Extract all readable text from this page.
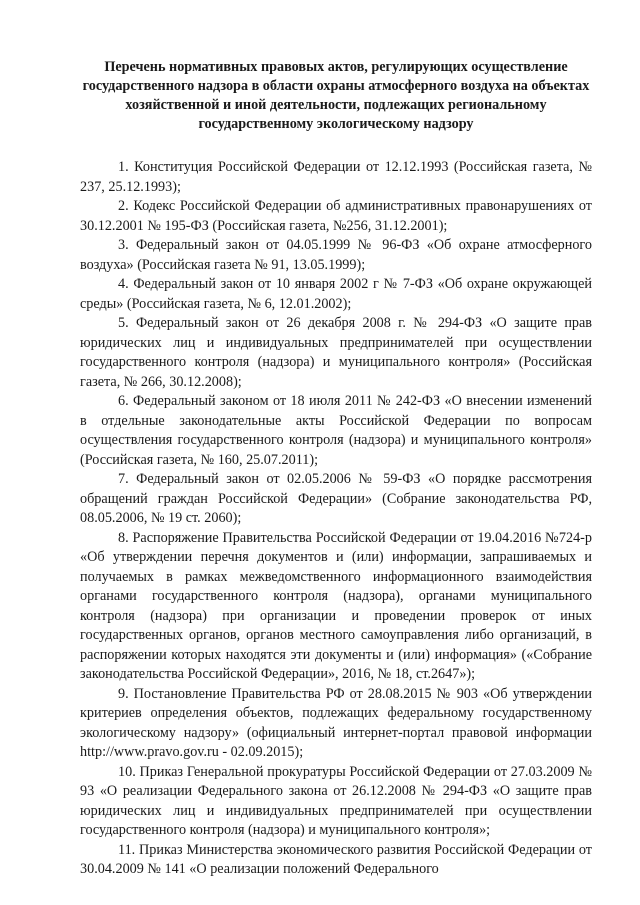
Перечень нормативных правовых актов, регулирующих осуществление государственного надзора в области охраны атмосферного воздуха на объектах хозяйственной и иной деятельности, подлежащих региональному государственному экологическому надзору
1. Конституция Российской Федерации от 12.12.1993 (Российская газета, № 237, 25.12.1993);
2. Кодекс Российской Федерации об административных правонарушениях от 30.12.2001 № 195-ФЗ (Российская газета, №256, 31.12.2001);
3. Федеральный закон от 04.05.1999 № 96-ФЗ «Об охране атмосферного воздуха» (Российская газета № 91, 13.05.1999);
4. Федеральный закон от 10 января 2002 г № 7-ФЗ «Об охране окружающей среды» (Российская газета, № 6, 12.01.2002);
5. Федеральный закон от 26 декабря 2008 г. № 294-ФЗ «О защите прав юридических лиц и индивидуальных предпринимателей при осуществлении государственного контроля (надзора) и муниципального контроля» (Российская газета, № 266, 30.12.2008);
6. Федеральный законом от 18 июля 2011 № 242-ФЗ «О внесении изменений в отдельные законодательные акты Российской Федерации по вопросам осуществления государственного контроля (надзора) и муниципального контроля» (Российская газета, № 160, 25.07.2011);
7. Федеральный закон от 02.05.2006 № 59-ФЗ «О порядке рассмотрения обращений граждан Российской Федерации» (Собрание законодательства РФ, 08.05.2006, № 19 ст. 2060);
8. Распоряжение Правительства Российской Федерации от 19.04.2016 №724-р «Об утверждении перечня документов и (или) информации, запрашиваемых и получаемых в рамках межведомственного информационного взаимодействия органами государственного контроля (надзора), органами муниципального контроля (надзора) при организации и проведении проверок от иных государственных органов, органов местного самоуправления либо организаций, в распоряжении которых находятся эти документы и (или) информация» («Собрание законодательства Российской Федерации», 2016, № 18, ст.2647»);
9. Постановление Правительства РФ от 28.08.2015 № 903 «Об утверждении критериев определения объектов, подлежащих федеральному государственному экологическому надзору» (официальный интернет-портал правовой информации http://www.pravo.gov.ru - 02.09.2015);
10. Приказ Генеральной прокуратуры Российской Федерации от 27.03.2009 № 93 «О реализации Федерального закона от 26.12.2008 № 294-ФЗ «О защите прав юридических лиц и индивидуальных предпринимателей при осуществлении государственного контроля (надзора) и муниципального контроля»;
11. Приказ Министерства экономического развития Российской Федерации от 30.04.2009 № 141 «О реализации положений Федерального
